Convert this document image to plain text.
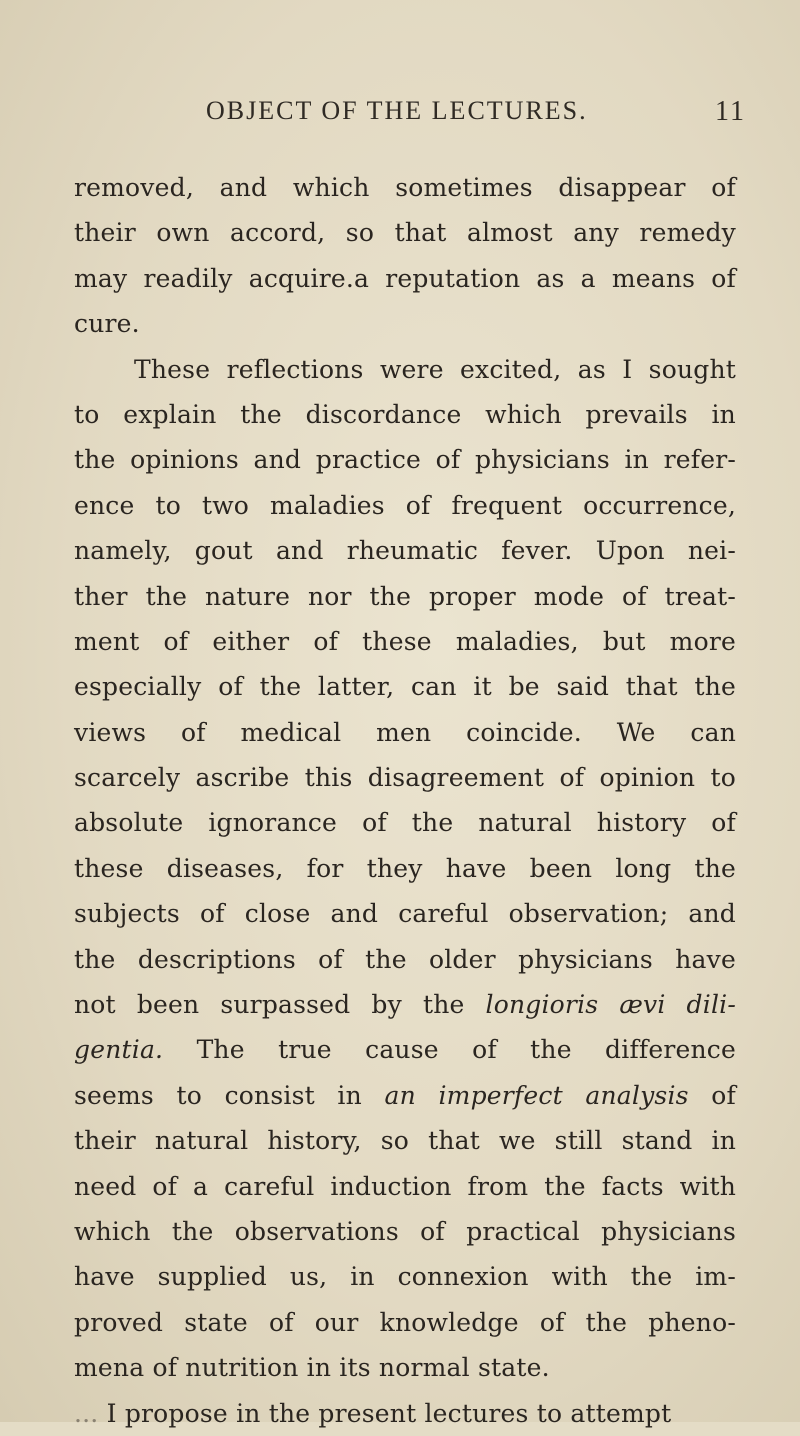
OBJECT OF THE LECTURES.	11
removed, and which sometimes disappear of
their own accord, so that almost any remedy
may readily acquire.a reputation as a means of
cure.
These reflections were excited, as I sought
to explain the discordance which prevails in
the opinions and practice of physicians in refer-
ence to two maladies of frequent occurrence,
namely, gout and rheumatic fever. Upon nei-
ther the nature nor the proper mode of treat-
ment of either of these maladies, but more
especially of the latter, can it be said that the
views of medical men coincide. We can
scarcely ascribe this disagreement of opinion to
absolute ignorance of the natural history of
these diseases, for they have been long the
subjects of close and careful observation; and
the descriptions of the older physicians have
not been surpassed by the longioris ævi dili-
gentia. The true cause of the difference
seems to consist in an imperfect analysis of
their natural history, so that we still stand in
need of a careful induction from the facts with
which the observations of practical physicians
have supplied us, in connexion with the im-
proved state of our knowledge of the pheno-
mena of nutrition in its normal state.
... I propose in the present lectures to attempt
